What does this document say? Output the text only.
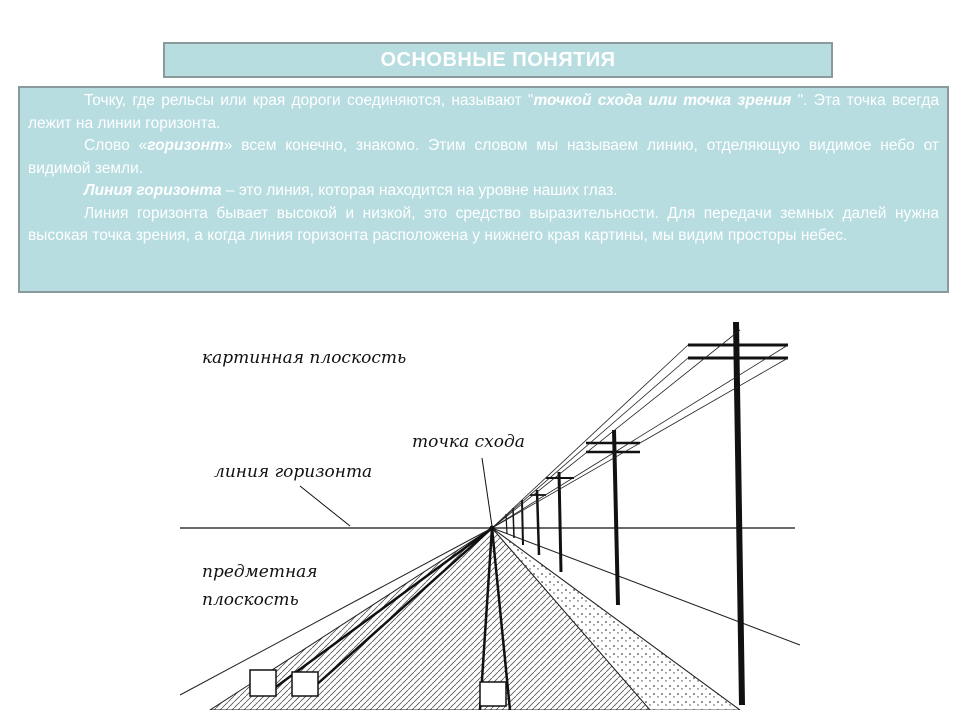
ОСНОВНЫЕ ПОНЯТИЯ

Точку, где рельсы или края дороги соединяются, называют "точкой схода или точка зрения ". Эта точка всегда лежит на линии горизонта.

Слово «горизонт» всем конечно, знакомо. Этим словом мы называем линию, отделяющую видимое небо от видимой земли.

Линия горизонта – это линия, которая находится на уровне наших глаз.

Линия горизонта бывает высокой и низкой, это средство выразительности. Для передачи земных далей нужна высокая точка зрения, а когда линия горизонта расположена у нижнего края картины, мы видим просторы небес.

картинная плоскость
точка схода
линия горизонта
предметная
плоскость
